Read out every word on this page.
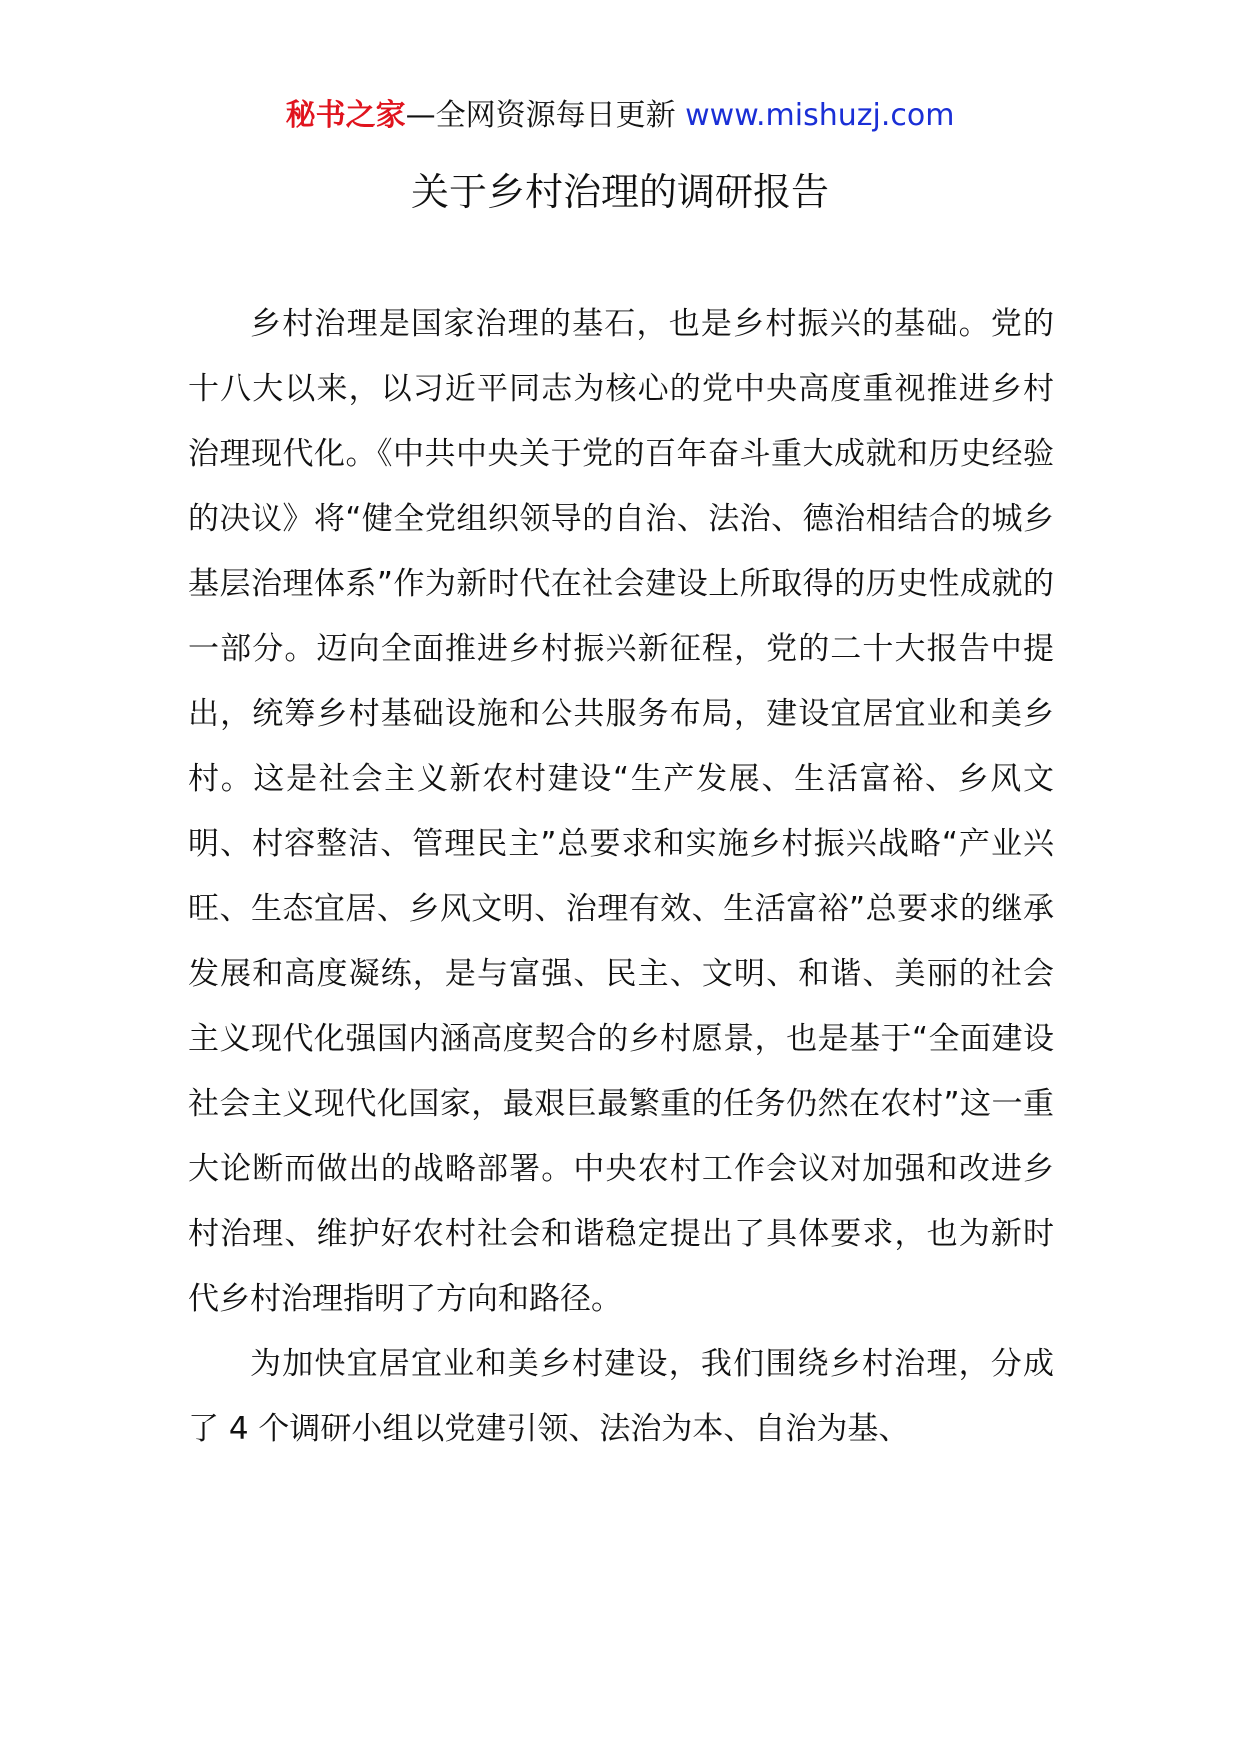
秘书之家—全网资源每日更新 www.mishuzj.com
关于乡村治理的调研报告

乡村治理是国家治理的基石，也是乡村振兴的基础。党的十八大以来，以习近平同志为核心的党中央高度重视推进乡村治理现代化。《中共中央关于党的百年奋斗重大成就和历史经验的决议》将“健全党组织领导的自治、法治、德治相结合的城乡基层治理体系”作为新时代在社会建设上所取得的历史性成就的一部分。迈向全面推进乡村振兴新征程，党的二十大报告中提出，统筹乡村基础设施和公共服务布局，建设宜居宜业和美乡村。这是社会主义新农村建设“生产发展、生活富裕、乡风文明、村容整洁、管理民主”总要求和实施乡村振兴战略“产业兴旺、生态宜居、乡风文明、治理有效、生活富裕”总要求的继承发展和高度凝练，是与富强、民主、文明、和谐、美丽的社会主义现代化强国内涵高度契合的乡村愿景，也是基于“全面建设社会主义现代化国家，最艰巨最繁重的任务仍然在农村”这一重大论断而做出的战略部署。中央农村工作会议对加强和改进乡村治理、维护好农村社会和谐稳定提出了具体要求，也为新时代乡村治理指明了方向和路径。

为加快宜居宜业和美乡村建设，我们围绕乡村治理，分成了 4 个调研小组以党建引领、法治为本、自治为基、
